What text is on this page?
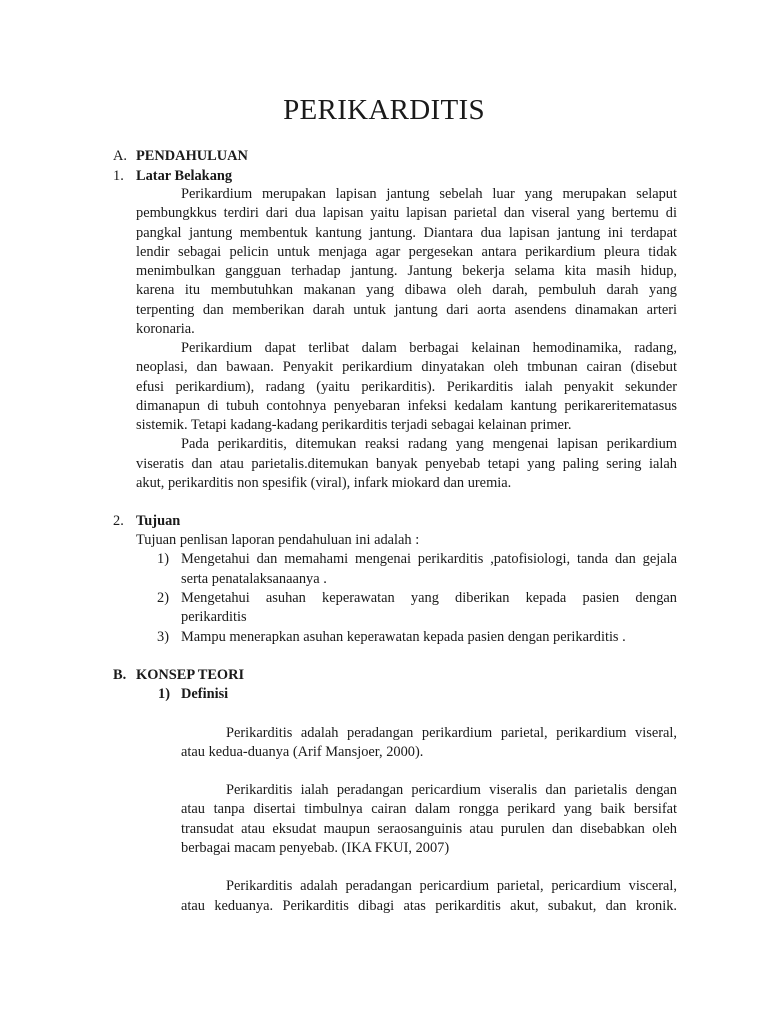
PERIKARDITIS
A. PENDAHULUAN
1. Latar Belakang
Perikardium merupakan lapisan jantung sebelah luar yang merupakan selaput
pembungkkus terdiri dari dua lapisan yaitu lapisan parietal dan viseral yang bertemu di
pangkal jantung membentuk kantung jantung. Diantara dua lapisan jantung ini terdapat
lendir sebagai pelicin untuk menjaga agar pergesekan antara perikardium pleura tidak
menimbulkan gangguan terhadap jantung. Jantung bekerja selama kita masih hidup,
karena itu membutuhkan makanan yang dibawa oleh darah, pembuluh darah yang
terpenting dan memberikan darah untuk jantung dari aorta asendens dinamakan arteri
koronaria.
Perikardium dapat terlibat dalam berbagai kelainan hemodinamika, radang,
neoplasi, dan bawaan. Penyakit perikardium dinyatakan oleh tmbunan cairan (disebut
efusi perikardium), radang (yaitu perikarditis). Perikarditis ialah penyakit sekunder
dimanapun di tubuh contohnya penyebaran infeksi kedalam kantung perikareritematasus
sistemik. Tetapi kadang-kadang perikarditis terjadi sebagai kelainan primer.
Pada perikarditis, ditemukan reaksi radang yang mengenai lapisan perikardium
viseratis dan atau parietalis.ditemukan banyak penyebab tetapi yang paling sering ialah
akut, perikarditis non spesifik (viral), infark miokard dan uremia.
2. Tujuan
Tujuan penlisan laporan pendahuluan ini adalah :
1) Mengetahui dan memahami mengenai perikarditis ,patofisiologi, tanda dan gejala
serta penatalaksanaanya .
2) Mengetahui asuhan keperawatan yang diberikan kepada pasien dengan
perikarditis
3) Mampu menerapkan asuhan keperawatan kepada pasien dengan perikarditis .
B. KONSEP TEORI
1) Definisi
Perikarditis adalah peradangan perikardium parietal, perikardium viseral,
atau kedua-duanya (Arif Mansjoer, 2000).
Perikarditis ialah peradangan pericardium viseralis dan parietalis dengan
atau tanpa disertai timbulnya cairan dalam rongga perikard yang baik bersifat
transudat atau eksudat maupun seraosanguinis atau purulen dan disebabkan oleh
berbagai macam penyebab. (IKA FKUI, 2007)
Perikarditis adalah peradangan pericardium parietal, pericardium visceral,
atau keduanya. Perikarditis dibagi atas perikarditis akut, subakut, dan kronik.
